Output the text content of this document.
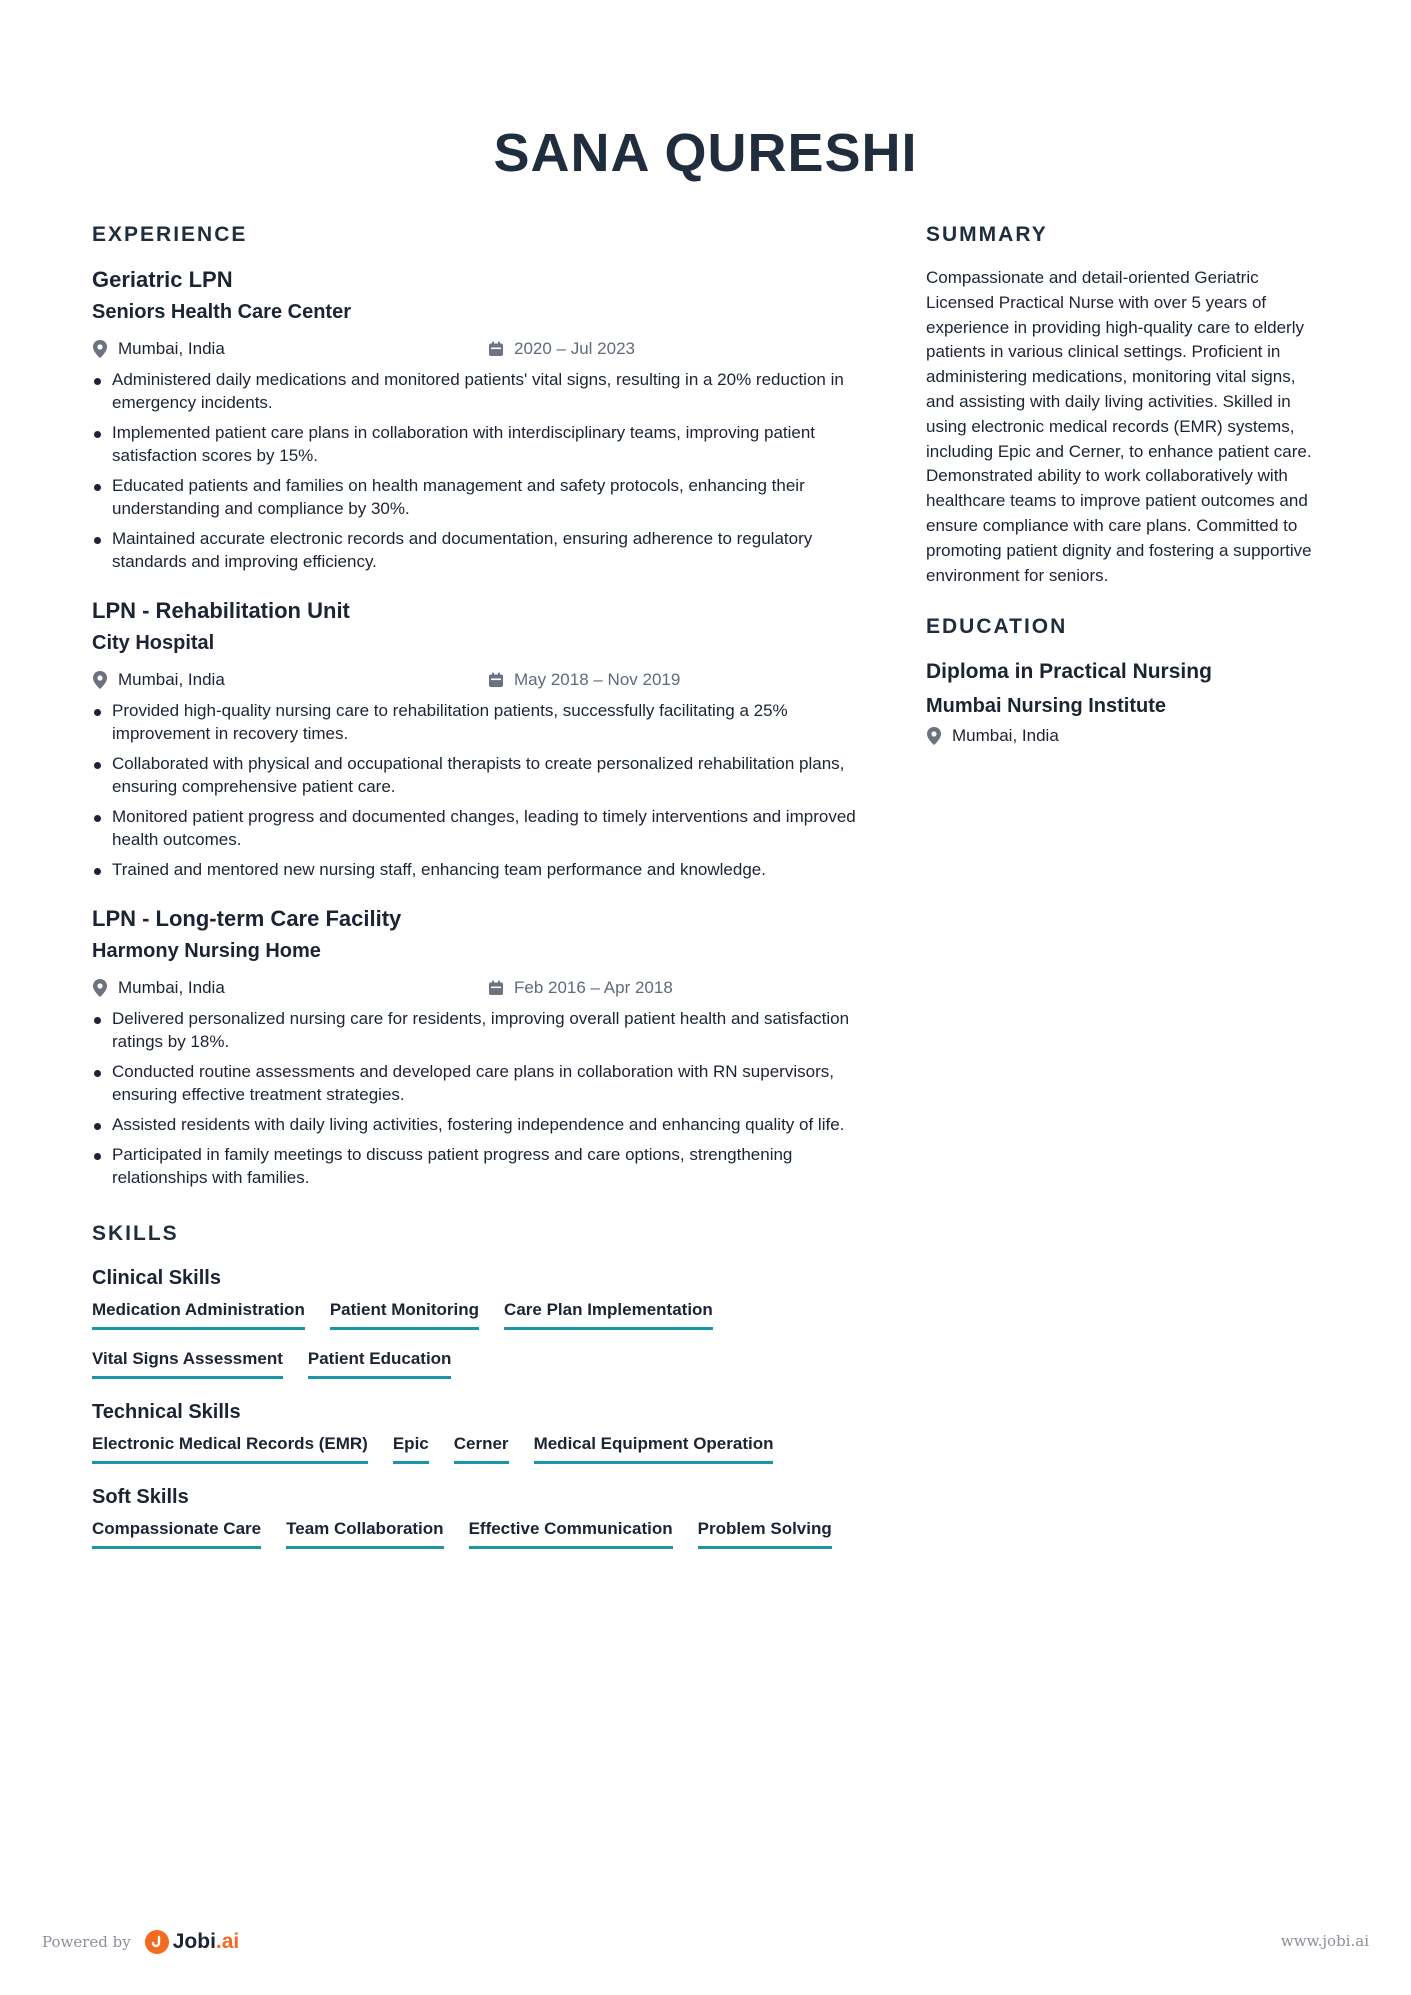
SANA QURESHI
EXPERIENCE
Geriatric LPN
Seniors Health Care Center
Mumbai, India	2020 – Jul 2023
Administered daily medications and monitored patients' vital signs, resulting in a 20% reduction in emergency incidents.
Implemented patient care plans in collaboration with interdisciplinary teams, improving patient satisfaction scores by 15%.
Educated patients and families on health management and safety protocols, enhancing their understanding and compliance by 30%.
Maintained accurate electronic records and documentation, ensuring adherence to regulatory standards and improving efficiency.
LPN - Rehabilitation Unit
City Hospital
Mumbai, India	May 2018 – Nov 2019
Provided high-quality nursing care to rehabilitation patients, successfully facilitating a 25% improvement in recovery times.
Collaborated with physical and occupational therapists to create personalized rehabilitation plans, ensuring comprehensive patient care.
Monitored patient progress and documented changes, leading to timely interventions and improved health outcomes.
Trained and mentored new nursing staff, enhancing team performance and knowledge.
LPN - Long-term Care Facility
Harmony Nursing Home
Mumbai, India	Feb 2016 – Apr 2018
Delivered personalized nursing care for residents, improving overall patient health and satisfaction ratings by 18%.
Conducted routine assessments and developed care plans in collaboration with RN supervisors, ensuring effective treatment strategies.
Assisted residents with daily living activities, fostering independence and enhancing quality of life.
Participated in family meetings to discuss patient progress and care options, strengthening relationships with families.
SKILLS
Clinical Skills
Medication Administration Patient Monitoring Care Plan Implementation
Vital Signs Assessment Patient Education
Technical Skills
Electronic Medical Records (EMR) Epic Cerner Medical Equipment Operation
Soft Skills
Compassionate Care Team Collaboration Effective Communication Problem Solving
SUMMARY

Compassionate and detail-oriented Geriatric Licensed Practical Nurse with over 5 years of experience in providing high-quality care to elderly patients in various clinical settings. Proficient in administering medications, monitoring vital signs, and assisting with daily living activities. Skilled in using electronic medical records (EMR) systems, including Epic and Cerner, to enhance patient care. Demonstrated ability to work collaboratively with healthcare teams to improve patient outcomes and ensure compliance with care plans. Committed to promoting patient dignity and fostering a supportive environment for seniors.

EDUCATION
Diploma in Practical Nursing
Mumbai Nursing Institute
Mumbai, India
Powered by Jobi .ai	www.jobi.ai
